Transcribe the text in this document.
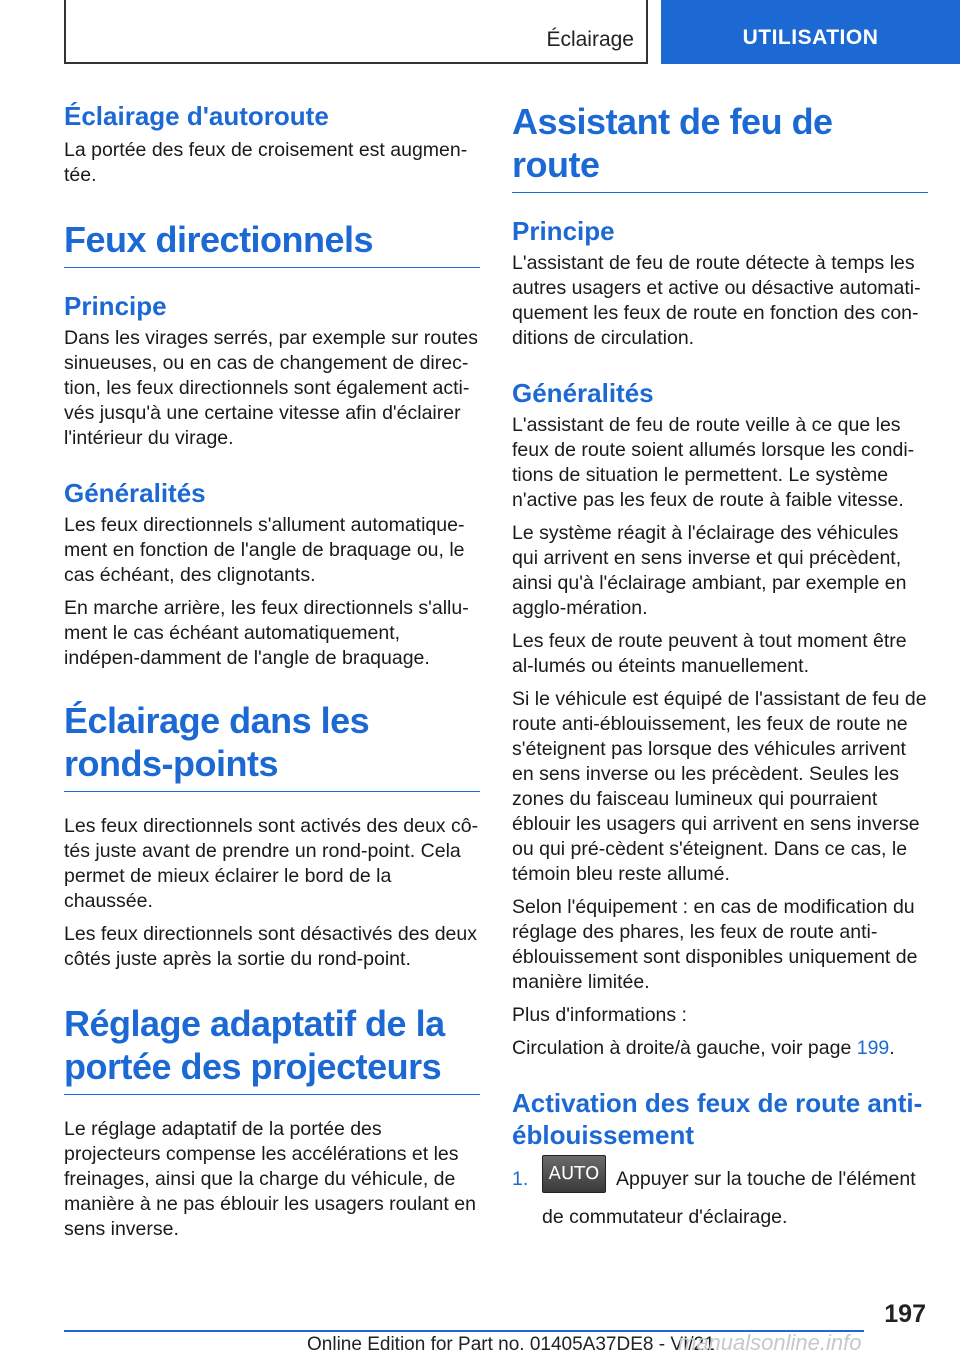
Éclairage	UTILISATION
Éclairage d'autoroute

La portée des feux de croisement est augmen-tée.

Feux directionnels
Principe

Dans les virages serrés, par exemple sur routes sinueuses, ou en cas de changement de direc-tion, les feux directionnels sont également acti-vés jusqu'à une certaine vitesse afin d'éclairer l'intérieur du virage.

Généralités

Les feux directionnels s'allument automatique-ment en fonction de l'angle de braquage ou, le cas échéant, des clignotants.

En marche arrière, les feux directionnels s'allu-ment le cas échéant automatiquement, indépen-damment de l'angle de braquage.

Éclairage dans les ronds-points

Les feux directionnels sont activés des deux cô-tés juste avant de prendre un rond-point. Cela permet de mieux éclairer le bord de la chaussée.

Les feux directionnels sont désactivés des deux côtés juste après la sortie du rond-point.

Réglage adaptatif de la portée des projecteurs

Le réglage adaptatif de la portée des projecteurs compense les accélérations et les freinages, ainsi que la charge du véhicule, de manière à ne pas éblouir les usagers roulant en sens inverse.

Assistant de feu de route
Principe

L'assistant de feu de route détecte à temps les autres usagers et active ou désactive automati-quement les feux de route en fonction des con-ditions de circulation.

Généralités

L'assistant de feu de route veille à ce que les feux de route soient allumés lorsque les condi-tions de situation le permettent. Le système n'active pas les feux de route à faible vitesse.

Le système réagit à l'éclairage des véhicules qui arrivent en sens inverse et qui précèdent, ainsi qu'à l'éclairage ambiant, par exemple en agglo-mération.

Les feux de route peuvent à tout moment être al-lumés ou éteints manuellement.

Si le véhicule est équipé de l'assistant de feu de route anti-éblouissement, les feux de route ne s'éteignent pas lorsque des véhicules arrivent en sens inverse ou les précèdent. Seules les zones du faisceau lumineux qui pourraient éblouir les usagers qui arrivent en sens inverse ou qui pré-cèdent s'éteignent. Dans ce cas, le témoin bleu reste allumé.

Selon l'équipement : en cas de modification du réglage des phares, les feux de route anti-éblouissement sont disponibles uniquement de manière limitée.

Plus d'informations :

Circulation à droite/à gauche, voir page 199.

Activation des feux de route anti-éblouissement
1.	AUTO Appuyer sur la touche de l'élément de commutateur d'éclairage.
197
Online Edition for Part no. 01405A37DE8 - VI/21
manualsonline.info
